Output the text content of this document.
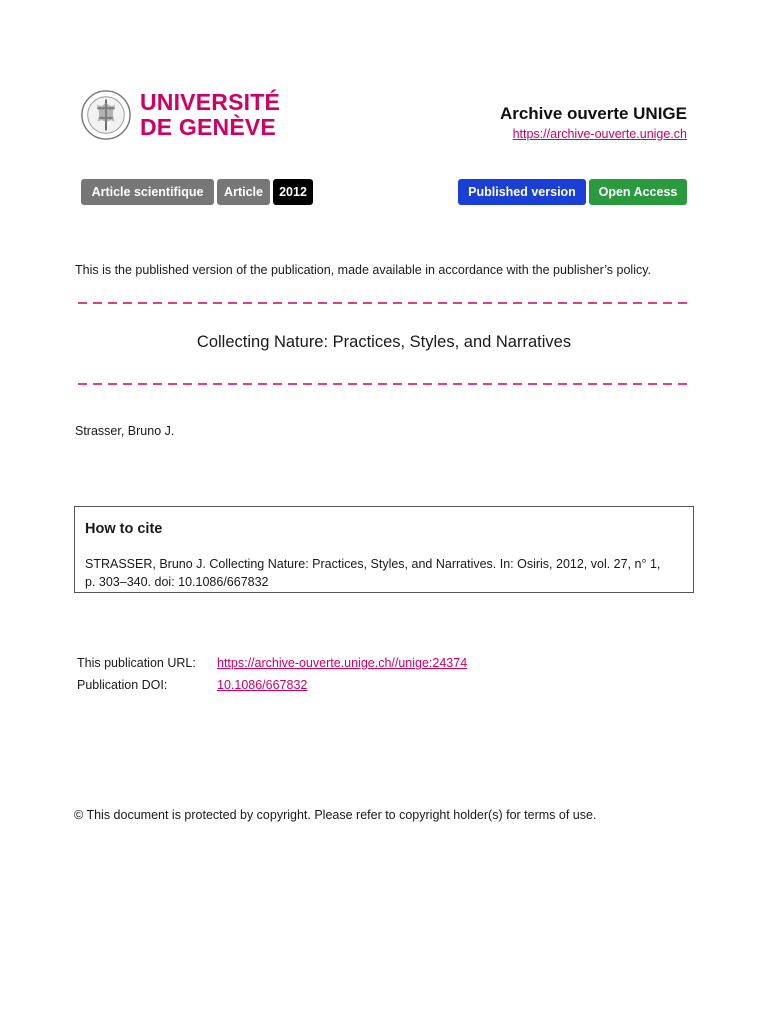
UNIVERSITÉ
DE GENÈVE
Archive ouverte UNIGE
https://archive-ouverte.unige.ch
Article scientifique	Article	2012	Published version	Open Access
This is the published version of the publication, made available in accordance with the publisher’s policy.
Collecting Nature: Practices, Styles, and Narratives
Strasser, Bruno J.
How to cite
STRASSER, Bruno J. Collecting Nature: Practices, Styles, and Narratives. In: Osiris, 2012, vol. 27, n° 1,
p. 303–340. doi: 10.1086/667832
This publication URL: https://archive-ouverte.unige.ch//unige:24374
Publication DOI:	10.1086/667832
© This document is protected by copyright. Please refer to copyright holder(s) for terms of use.
